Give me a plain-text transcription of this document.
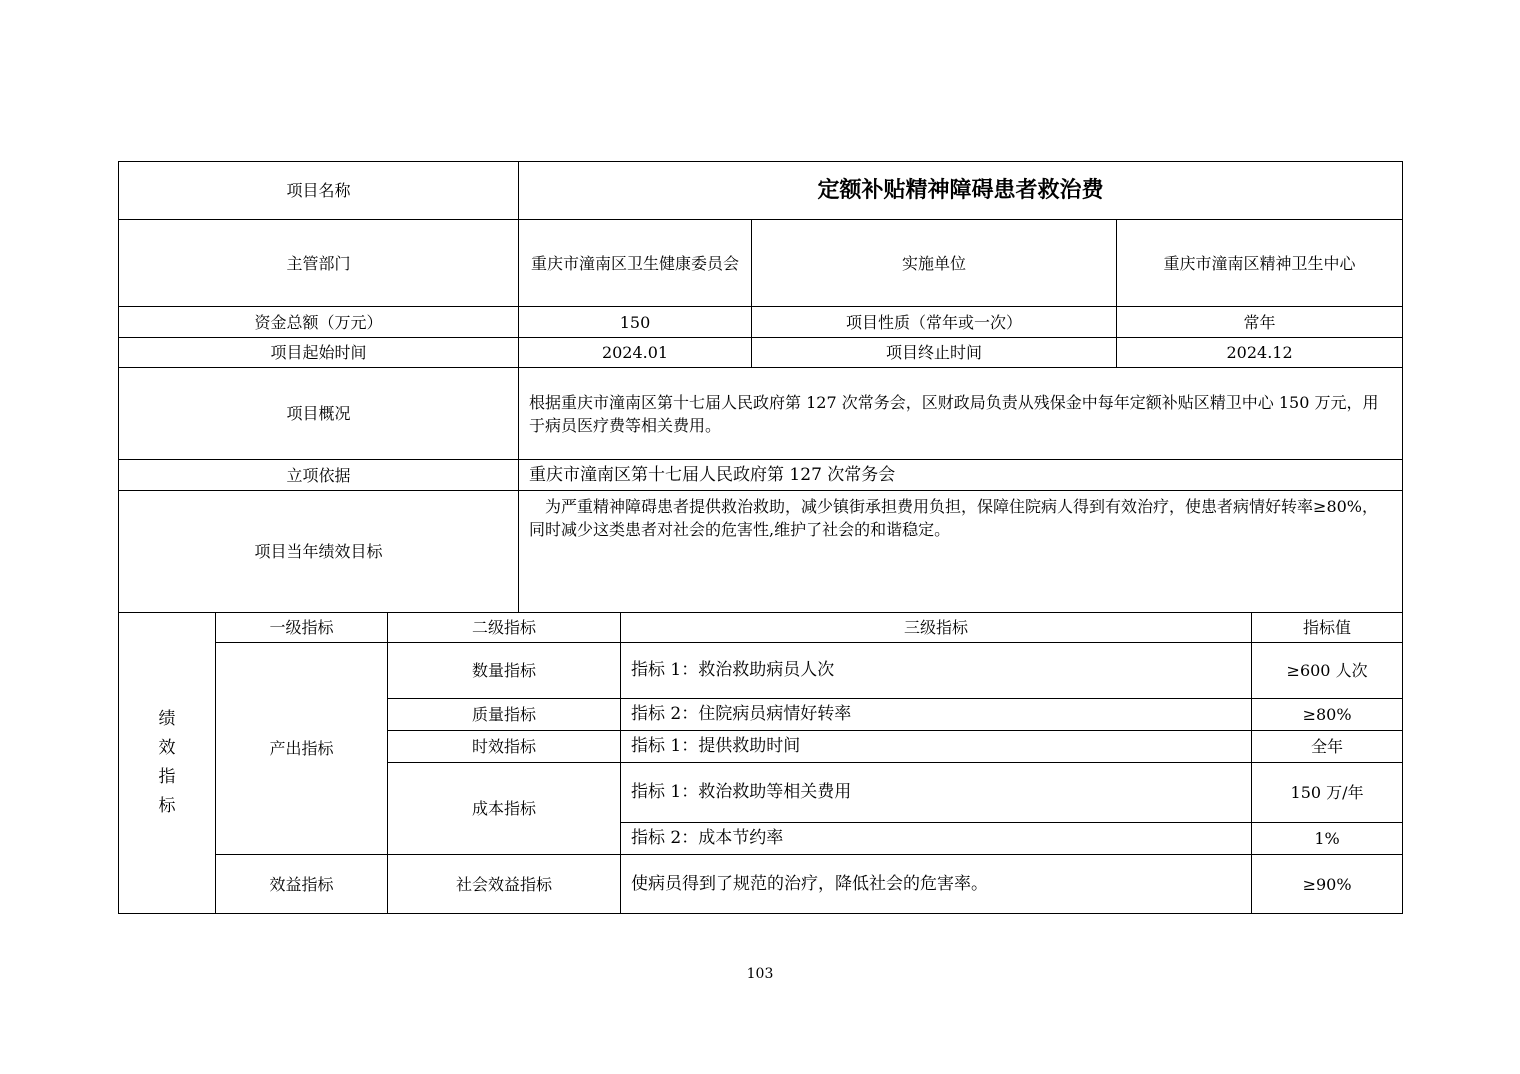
项目名称			定额补贴精神障碍患者救治费				
主管部门			重庆市潼南区卫生健康委员会		实施单位	重庆市潼南区精神卫生中心	
资金总额（万元）			150		项目性质（常年或一次）	常年	
项目起始时间			2024.01		项目终止时间	2024.12	
项目概况			根据重庆市潼南区第十七届人民政府第 127 次常务会，区财政局负责从残保金中每年定额补贴区精卫中心 150 万元，用于病员医疗费等相关费用。				
立项依据			重庆市潼南区第十七届人民政府第 127 次常务会				
项目当年绩效目标			为严重精神障碍患者提供救治救助，减少镇街承担费用负担，保障住院病人得到有效治疗，使患者病情好转率≥80%，同时减少这类患者对社会的危害性,维护了社会的和谐稳定。				

绩效指标	一级指标	二级指标		三级指标			指标值
	产出指标	数量指标		指标 1：救治救助病员人次			≥600 人次
		质量指标		指标 2：住院病员病情好转率			≥80%
		时效指标		指标 1：提供救助时间			全年
		成本指标		指标 1：救治救助等相关费用			150 万/年
				指标 2：成本节约率			1%
	效益指标	社会效益指标		使病员得到了规范的治疗，降低社会的危害率。			≥90%
103
